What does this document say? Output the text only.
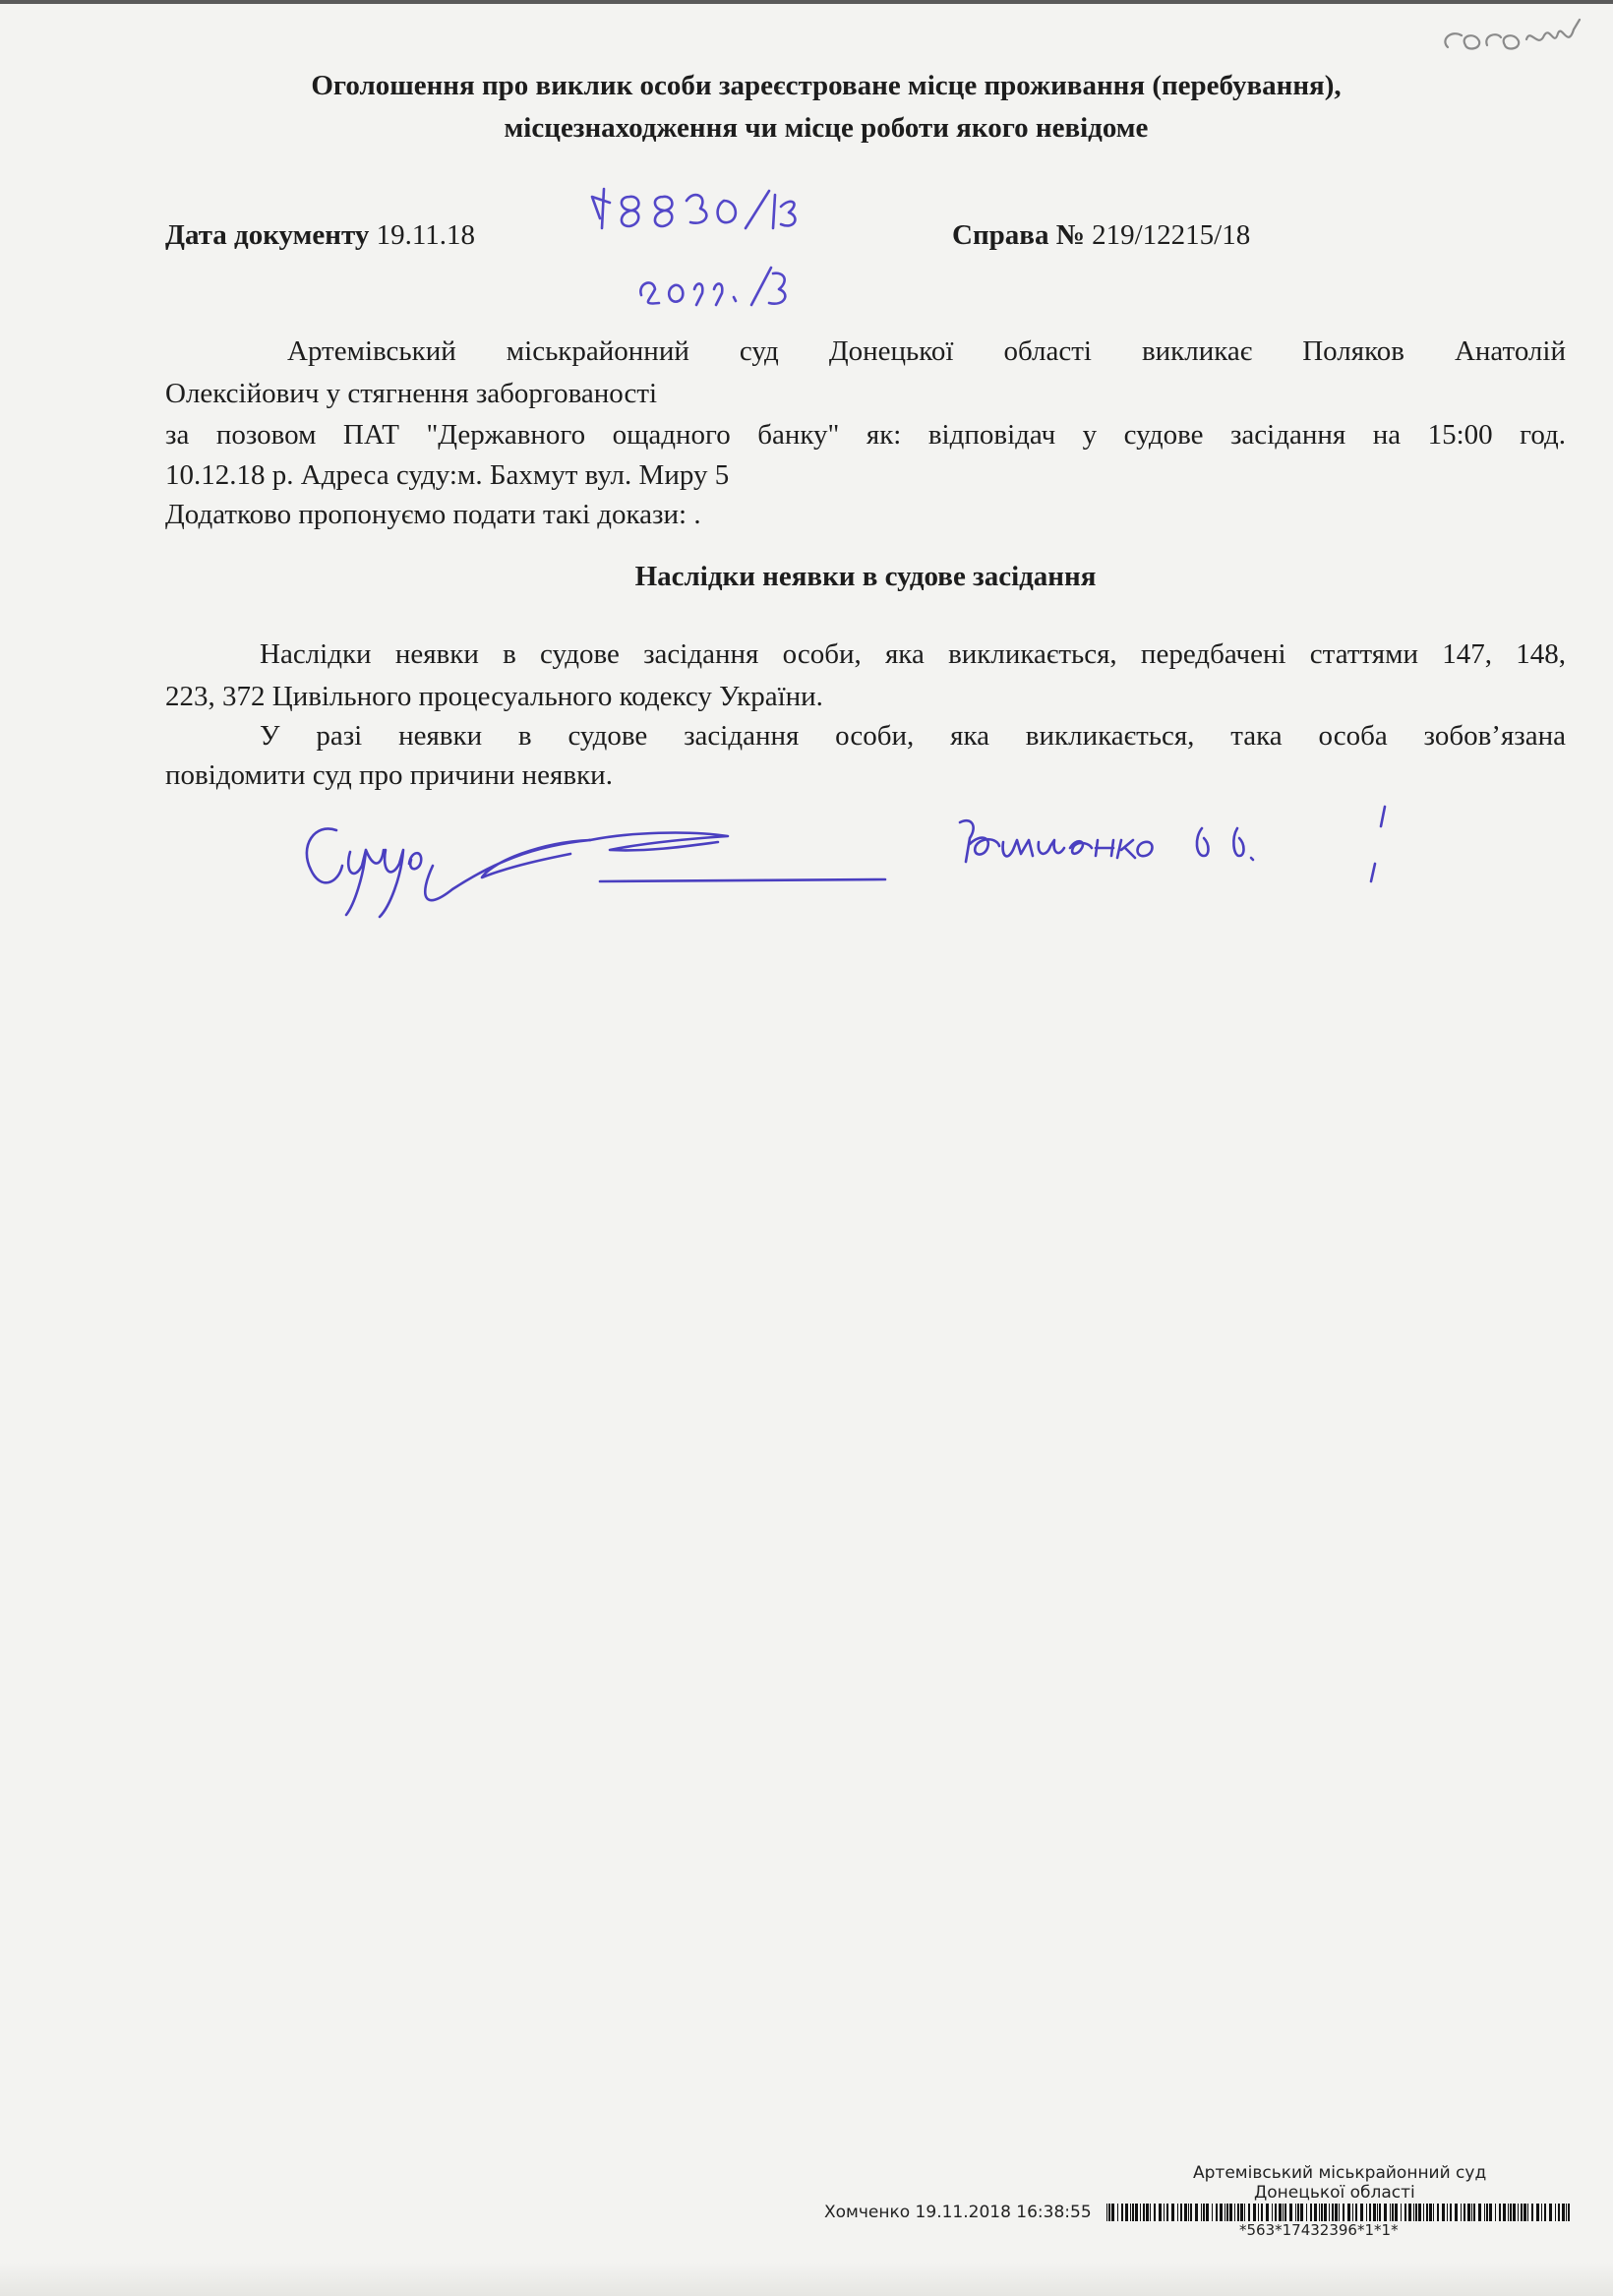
Оголошення про виклик особи зареєстроване місце проживання (перебування),
місцезнаходження чи місце роботи якого невідоме
Дата документу 19.11.18	Справа № 219/12215/18
Артемівський міськрайонний суд Донецької області викликає Поляков Анатолій
Олексійович у стягнення заборгованості
за позовом ПАТ "Державного ощадного банку" як: відповідач у судове засідання на 15:00 год.
10.12.18 р. Адреса суду:м. Бахмут вул. Миру 5
Додатково пропонуємо подати такі докази: .
Наслідки неявки в судове засідання
Наслідки неявки в судове засідання особи, яка викликається, передбачені статтями 147, 148,
223, 372 Цивільного процесуального кодексу України.
У разі неявки в судове засідання особи, яка викликається, така особа зобов’язана
повідомити суд про причини неявки.
Артемівський міськрайонний суд
Донецької області
Хомченко 19.11.2018 16:38:55
*563*17432396*1*1*
